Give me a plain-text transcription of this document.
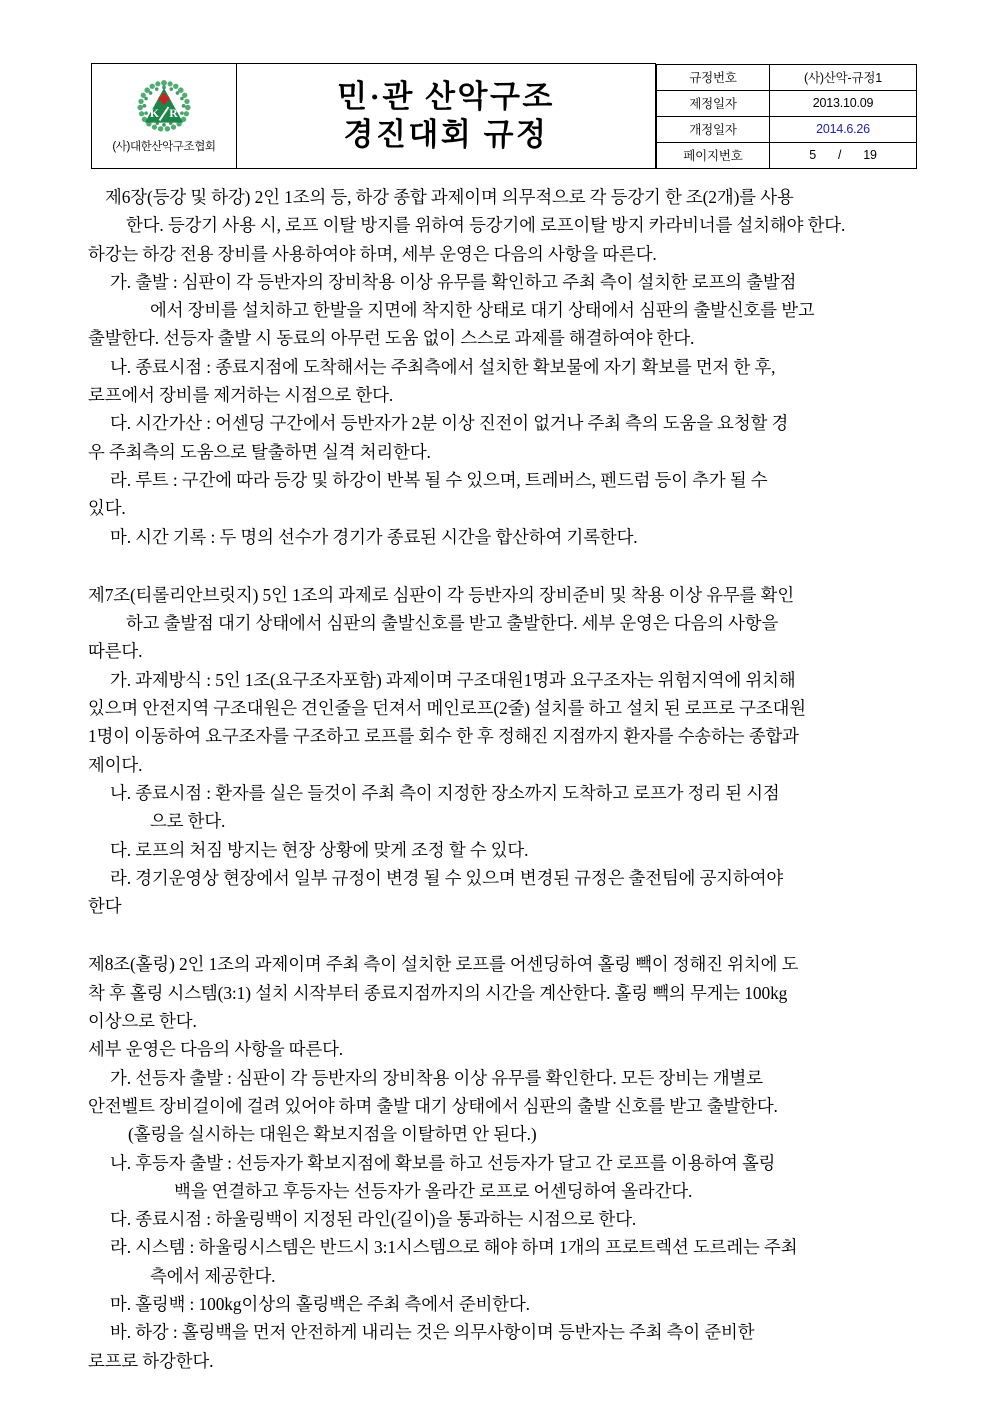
K R
(사)대한산악구조협회

민·관 산악구조
경진대회 규정

규정번호	(사)산악-규정1
제정일자	2013.10.09
개정일자	2014.6.26
페이지번호	5 / 19

제6장(등강 및 하강) 2인 1조의 등, 하강 종합 과제이며 의무적으로 각 등강기 한 조(2개)를 사용

한다. 등강기 사용 시, 로프 이탈 방지를 위하여 등강기에 로프이탈 방지 카라비너를 설치해야 한다.

하강는 하강 전용 장비를 사용하여야 하며, 세부 운영은 다음의 사항을 따른다.

가. 출발 : 심판이 각 등반자의 장비착용 이상 유무를 확인하고 주최 측이 설치한 로프의 출발점

에서 장비를 설치하고 한발을 지면에 착지한 상태로 대기 상태에서 심판의 출발신호를 받고

출발한다. 선등자 출발 시 동료의 아무런 도움 없이 스스로 과제를 해결하여야 한다.

나. 종료시점 : 종료지점에 도착해서는 주최측에서 설치한 확보물에 자기 확보를 먼저 한 후,

로프에서 장비를 제거하는 시점으로 한다.

다. 시간가산 : 어센딩 구간에서 등반자가 2분 이상 진전이 없거나 주최 측의 도움을 요청할 경

우 주최측의 도움으로 탈출하면 실격 처리한다.

라. 루트 : 구간에 따라 등강 및 하강이 반복 될 수 있으며, 트레버스, 펜드럼 등이 추가 될 수

있다.

마. 시간 기록 : 두 명의 선수가 경기가 종료된 시간을 합산하여 기록한다.

제7조(티롤리안브릿지) 5인 1조의 과제로 심판이 각 등반자의 장비준비 및 착용 이상 유무를 확인

하고 출발점 대기 상태에서 심판의 출발신호를 받고 출발한다. 세부 운영은 다음의 사항을

따른다.

가. 과제방식 : 5인 1조(요구조자포함) 과제이며 구조대원1명과 요구조자는 위험지역에 위치해

있으며 안전지역 구조대원은 견인줄을 던져서 메인로프(2줄) 설치를 하고 설치 된 로프로 구조대원

1명이 이동하여 요구조자를 구조하고 로프를 회수 한 후 정해진 지점까지 환자를 수송하는 종합과

제이다.

나. 종료시점 : 환자를 실은 들것이 주최 측이 지정한 장소까지 도착하고 로프가 정리 된 시점

으로 한다.

다. 로프의 처짐 방지는 현장 상황에 맞게 조정 할 수 있다.

라. 경기운영상 현장에서 일부 규정이 변경 될 수 있으며 변경된 규정은 출전팀에 공지하여야

한다

제8조(홀링) 2인 1조의 과제이며 주최 측이 설치한 로프를 어센딩하여 홀링 빽이 정해진 위치에 도

착 후 홀링 시스템(3:1) 설치 시작부터 종료지점까지의 시간을 계산한다. 홀링 빽의 무게는 100kg

이상으로 한다.

세부 운영은 다음의 사항을 따른다.

가. 선등자 출발 : 심판이 각 등반자의 장비착용 이상 유무를 확인한다. 모든 장비는 개별로

안전벨트 장비걸이에 걸려 있어야 하며 출발 대기 상태에서 심판의 출발 신호를 받고 출발한다.

(홀링을 실시하는 대원은 확보지점을 이탈하면 안 된다.)

나. 후등자 출발 : 선등자가 확보지점에 확보를 하고 선등자가 달고 간 로프를 이용하여 홀링

백을 연결하고 후등자는 선등자가 올라간 로프로 어센딩하여 올라간다.

다. 종료시점 : 하울링백이 지정된 라인(길이)을 통과하는 시점으로 한다.

라. 시스템 : 하울링시스템은 반드시 3:1시스템으로 해야 하며 1개의 프로트렉션 도르레는 주최

측에서 제공한다.

마. 홀링백 : 100kg이상의 홀링백은 주최 측에서 준비한다.

바. 하강 : 홀링백을 먼저 안전하게 내리는 것은 의무사항이며 등반자는 주최 측이 준비한

로프로 하강한다.
